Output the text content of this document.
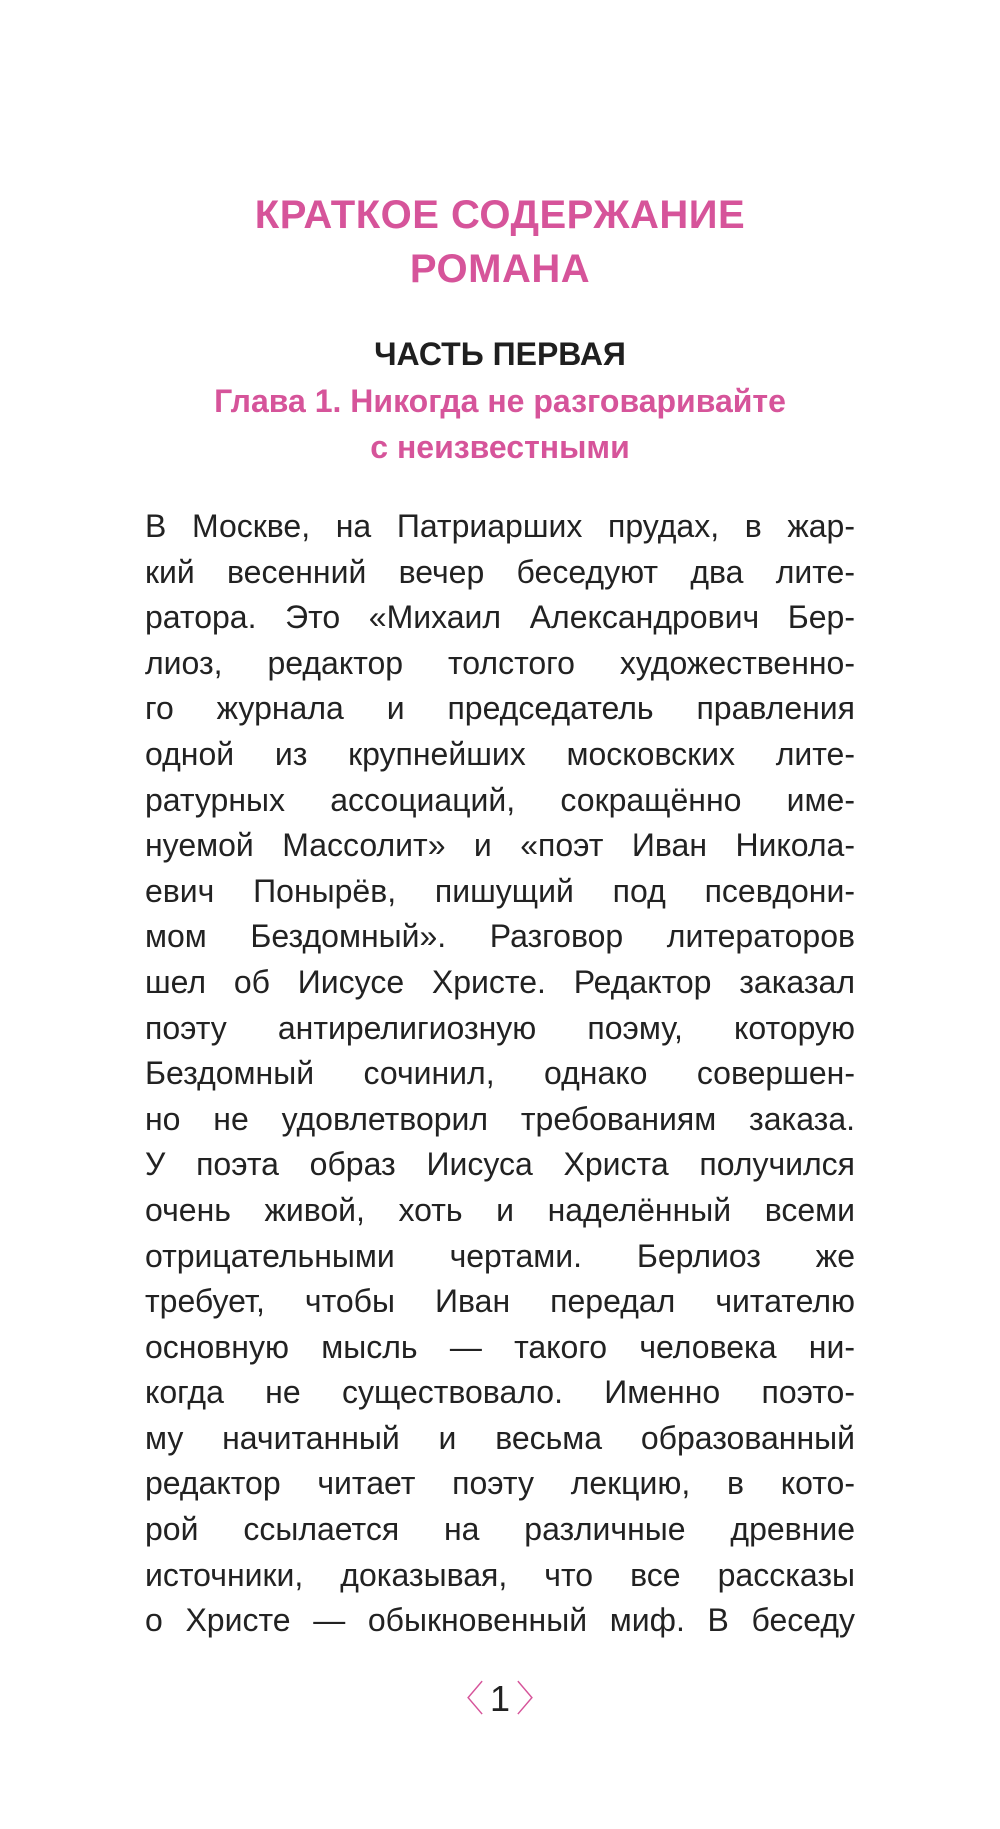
КРАТКОЕ СОДЕРЖАНИЕ
РОМАНА
ЧАСТЬ ПЕРВАЯ
Глава 1. Никогда не разговаривайте
с неизвестными
В Москве, на Патриарших прудах, в жар-
кий весенний вечер беседуют два лите-
ратора. Это «Михаил Александрович Бер-
лиоз, редактор толстого художественно-
го журнала и председатель правления
одной из крупнейших московских лите-
ратурных ассоциаций, сокращённо име-
нуемой Массолит» и «поэт Иван Николa-
евич Понырёв, пишущий под псевдони-
мом Бездомный». Разговор литераторов
шел об Иисусе Христе. Редактор заказал
поэту антирелигиозную поэму, которую
Бездомный сочинил, однако совершен-
но не удовлетворил требованиям заказа.
У поэта образ Иисуса Христа получился
очень живой, хоть и наделённый всеми
отрицательными чертами. Берлиоз же
требует, чтобы Иван передал читателю
основную мысль — такого человека ни-
когда не существовало. Именно поэто-
му начитанный и весьма образованный
редактор читает поэту лекцию, в кото-
рой ссылается на различные древние
источники, доказывая, что все рассказы
о Христе — обыкновенный миф. В беседу
〈 1 〉
